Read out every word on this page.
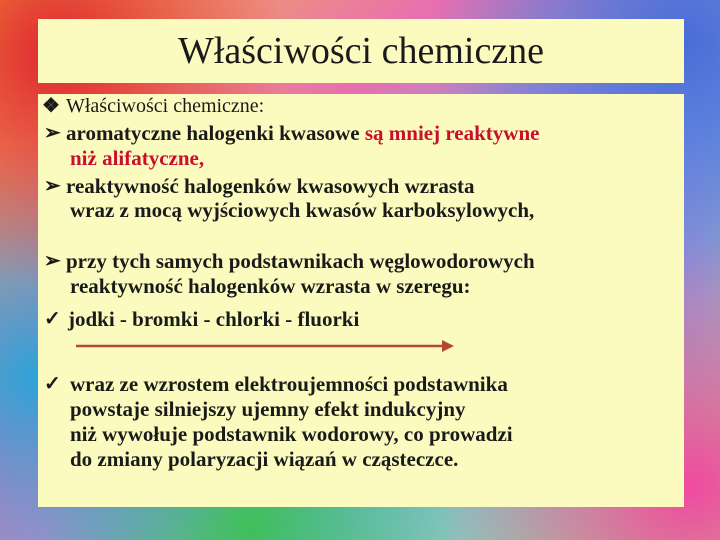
Właściwości chemiczne
❖ Właściwości chemiczne:
➢ aromatyczne halogenki kwasowe są mniej reaktywne
niż alifatyczne,
➢ reaktywność halogenków kwasowych wzrasta
wraz z mocą wyjściowych kwasów karboksylowych,
➢ przy tych samych podstawnikach węglowodorowych
reaktywność halogenków wzrasta w szeregu:
✓ jodki - bromki - chlorki - fluorki
✓ wraz ze wzrostem elektroujemności podstawnika
powstaje silniejszy ujemny efekt indukcyjny
niż wywołuje podstawnik wodorowy, co prowadzi
do zmiany polaryzacji wiązań w cząsteczce.
